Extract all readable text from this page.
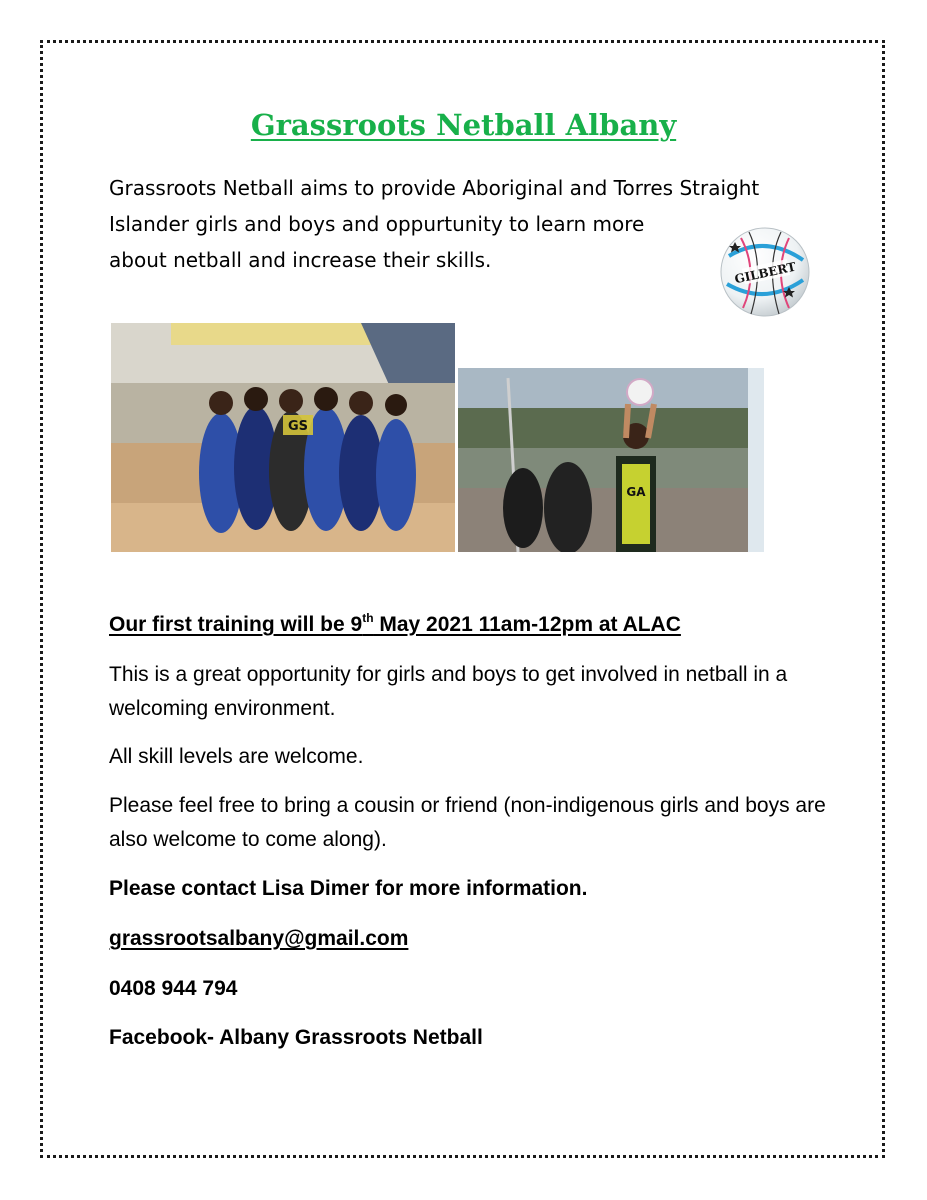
Grassroots Netball Albany

Grassroots Netball aims to provide Aboriginal and Torres Straight
Islander girls and boys and oppurtunity to learn more
about netball and increase their skills.	GILBERT
GS
GA

Our first training will be 9th May 2021 11am-12pm at ALAC

This is a great opportunity for girls and boys to get involved in netball in a welcoming environment.

All skill levels are welcome.

Please feel free to bring a cousin or friend (non-indigenous girls and boys are also welcome to come along).

Please contact Lisa Dimer for more information.

grassrootsalbany@gmail.com

0408 944 794

Facebook- Albany Grassroots Netball
